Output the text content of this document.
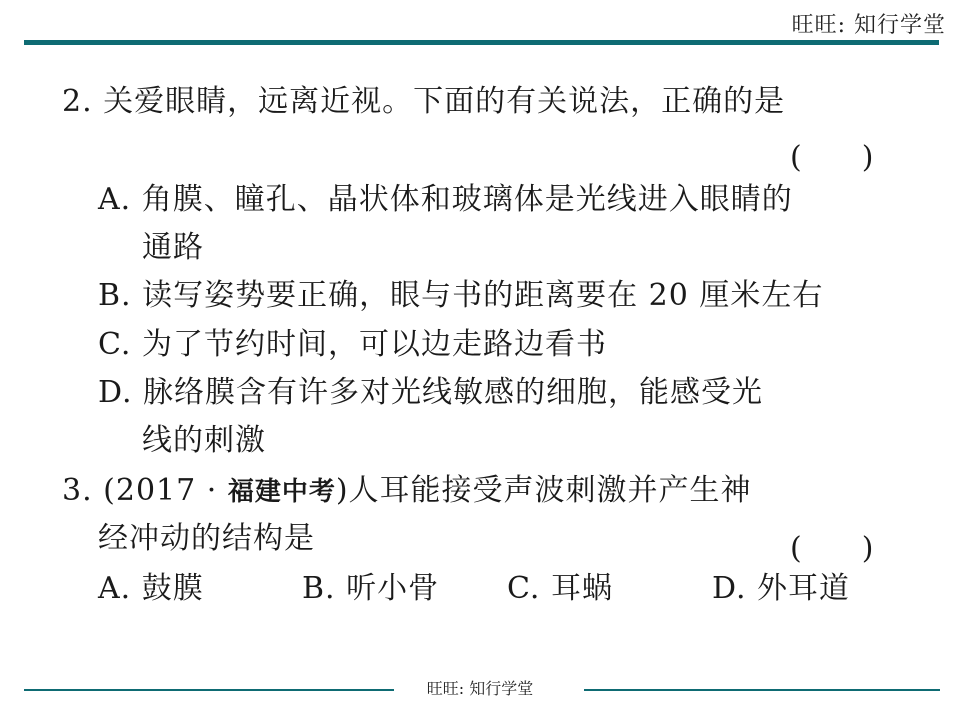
旺旺: 知行学堂
2. 关爱眼睛，远离近视。下面的有关说法，正确的是
(　　)
A. 角膜、瞳孔、晶状体和玻璃体是光线进入眼睛的
通路
B. 读写姿势要正确，眼与书的距离要在 20 厘米左右
C. 为了节约时间，可以边走路边看书
D. 脉络膜含有许多对光线敏感的细胞，能感受光
线的刺激
3. (2017 · 福建中考)人耳能接受声波刺激并产生神
经冲动的结构是	(　　)
A. 鼓膜	B. 听小骨 C. 耳蜗	D. 外耳道
旺旺: 知行学堂
